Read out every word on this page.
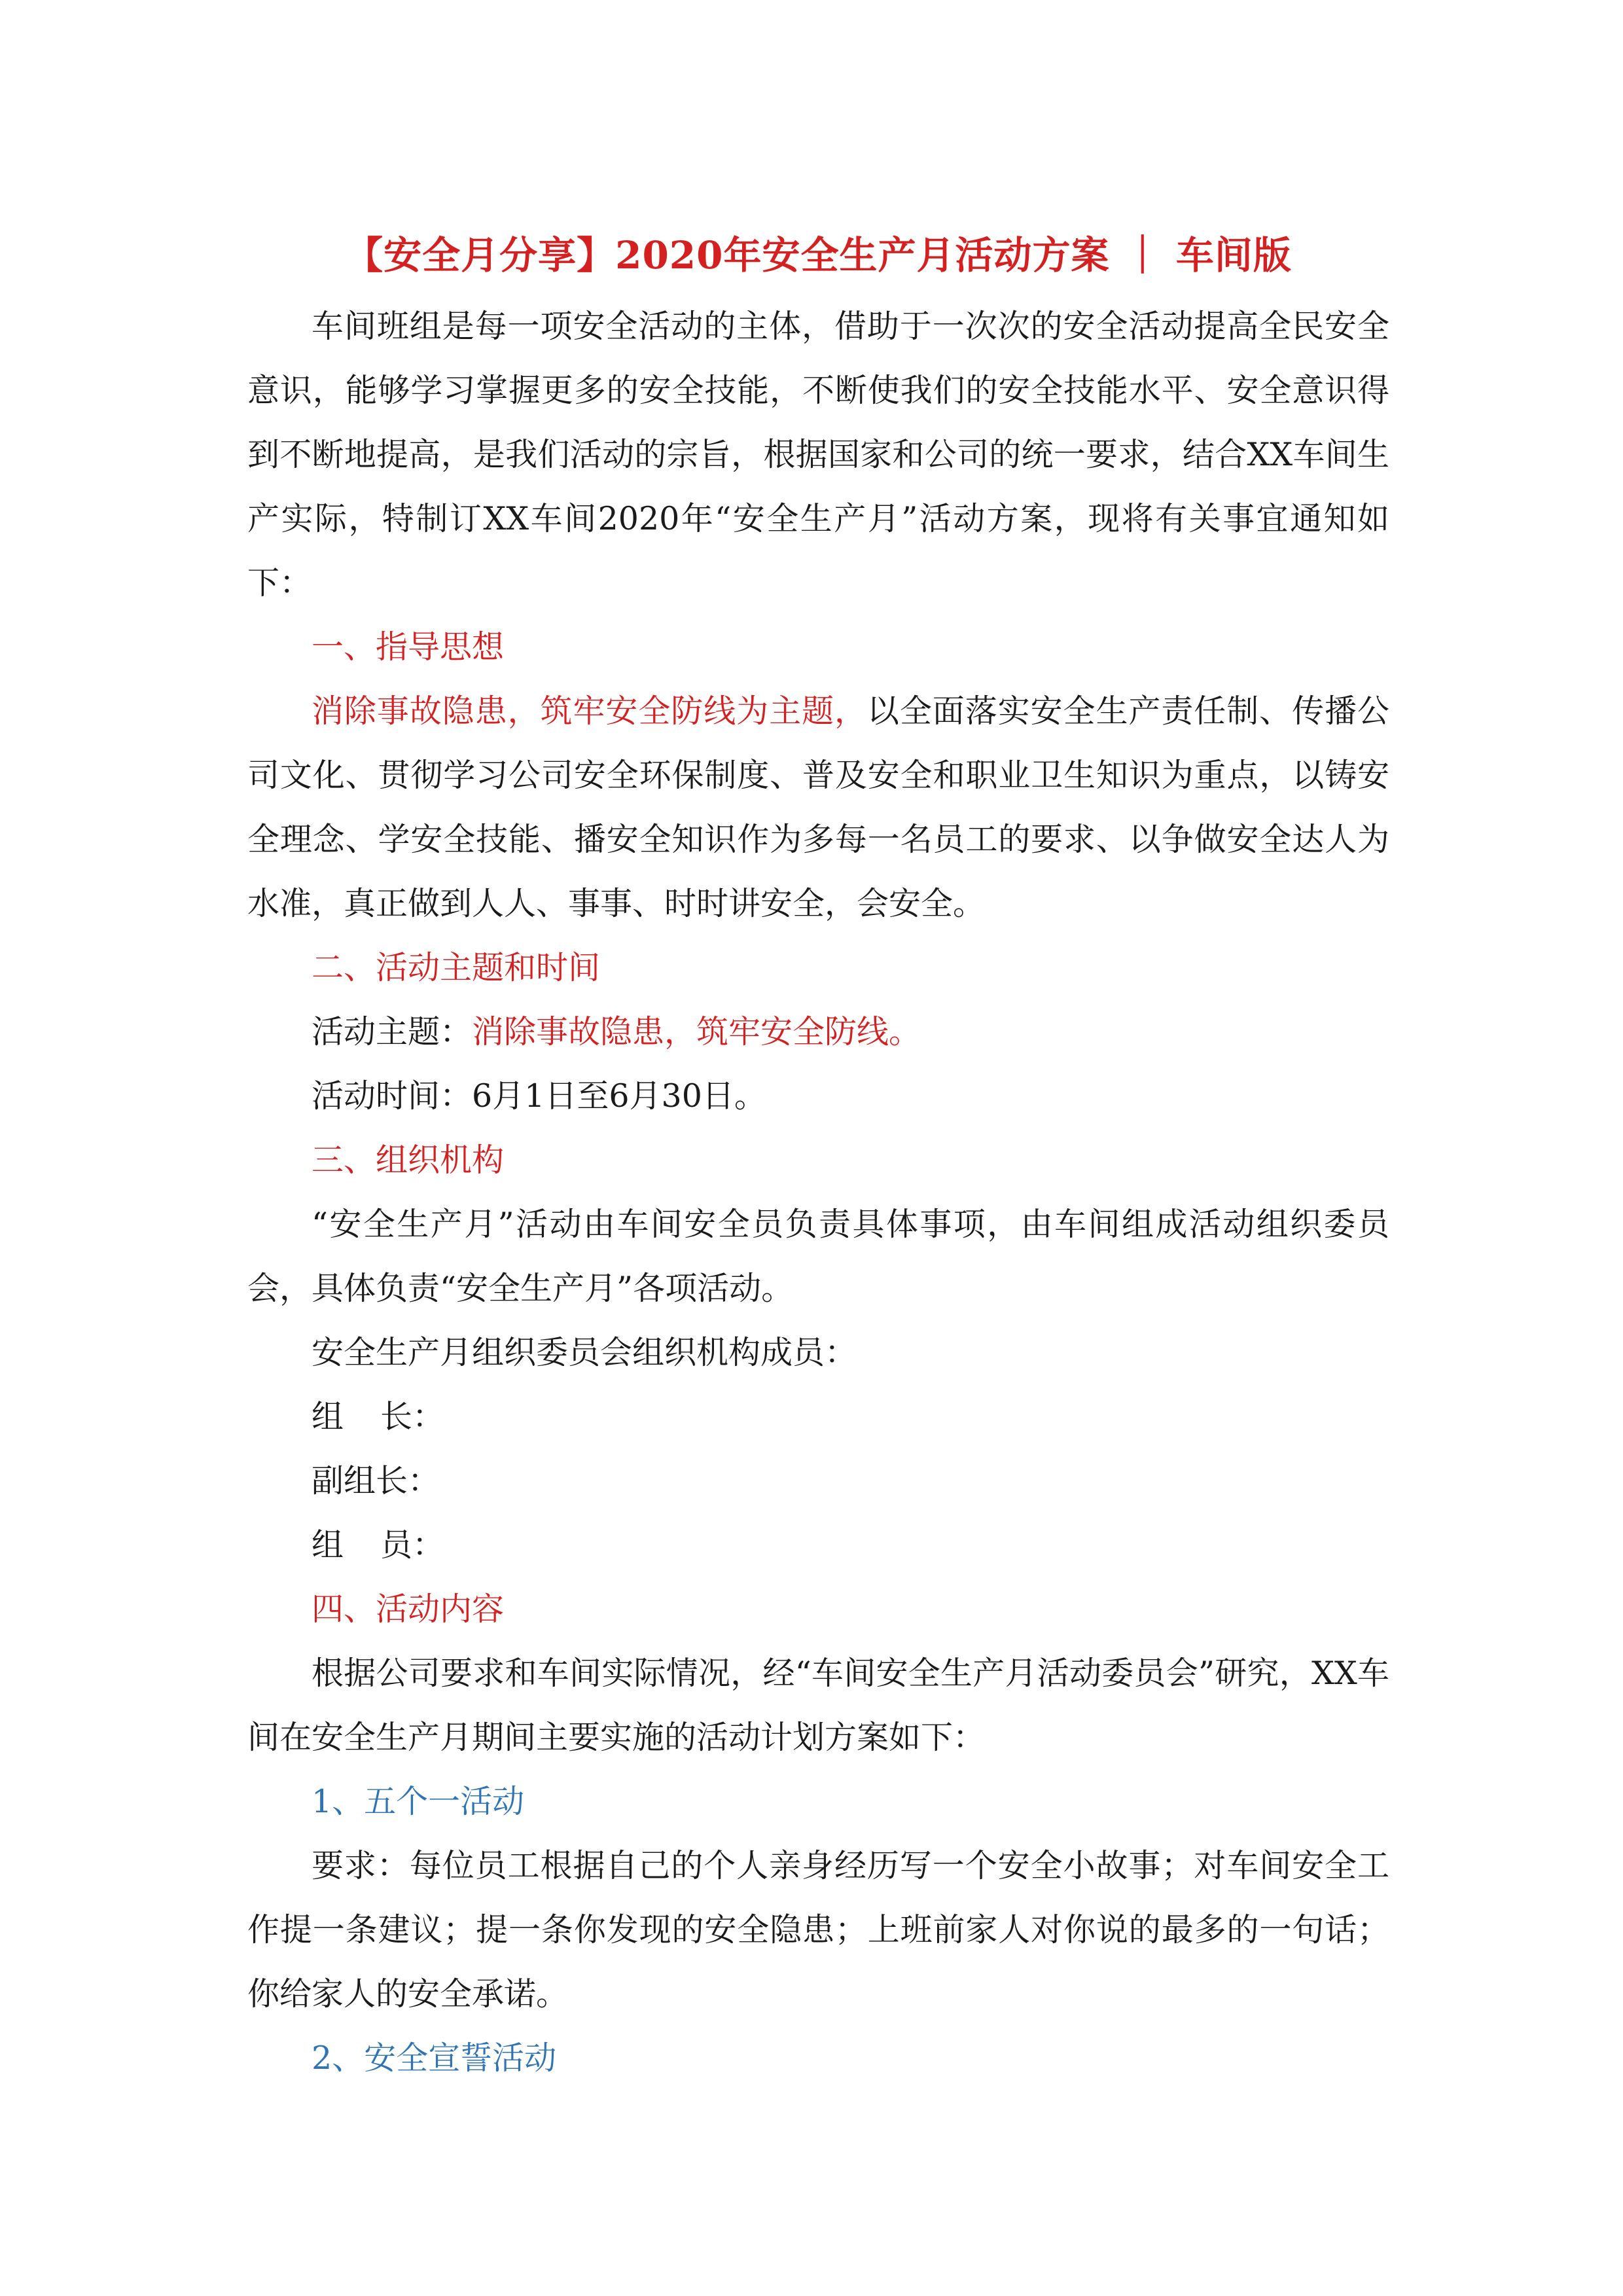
【安全月分享】2020年安全生产月活动方案 ｜ 车间版

车间班组是每一项安全活动的主体，借助于一次次的安全活动提高全民安全意识，能够学习掌握更多的安全技能，不断使我们的安全技能水平、安全意识得到不断地提高，是我们活动的宗旨，根据国家和公司的统一要求，结合XX车间生产实际，特制订XX车间2020年“安全生产月”活动方案，现将有关事宜通知如下：

一、指导思想

消除事故隐患，筑牢安全防线为主题，以全面落实安全生产责任制、传播公司文化、贯彻学习公司安全环保制度、普及安全和职业卫生知识为重点，以铸安全理念、学安全技能、播安全知识作为多每一名员工的要求、以争做安全达人为水准，真正做到人人、事事、时时讲安全，会安全。

二、活动主题和时间

活动主题：消除事故隐患，筑牢安全防线。

活动时间：6月1日至6月30日。

三、组织机构

“安全生产月”活动由车间安全员负责具体事项，由车间组成活动组织委员会，具体负责“安全生产月”各项活动。

安全生产月组织委员会组织机构成员：

组 长：

副组长：

组 员：

四、活动内容

根据公司要求和车间实际情况，经“车间安全生产月活动委员会”研究，XX车间在安全生产月期间主要实施的活动计划方案如下：

1、五个一活动

要求：每位员工根据自己的个人亲身经历写一个安全小故事；对车间安全工作提一条建议；提一条你发现的安全隐患；上班前家人对你说的最多的一句话；你给家人的安全承诺。

2、安全宣誓活动
